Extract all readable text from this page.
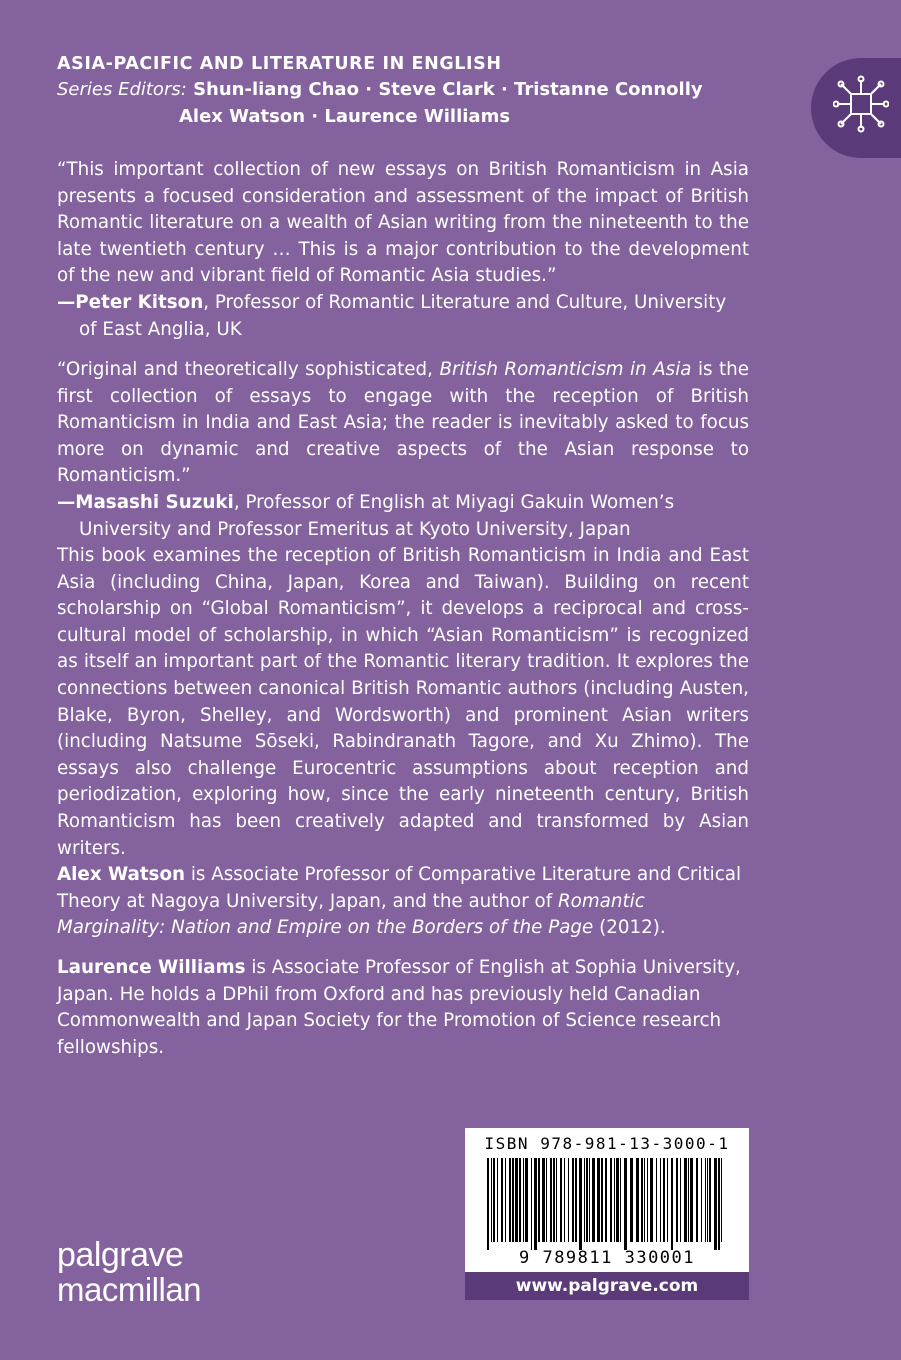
ASIA-PACIFIC AND LITERATURE IN ENGLISH
Series Editors: Shun-liang Chao · Steve Clark · Tristanne Connolly
Alex Watson · Laurence Williams
“This important collection of new essays on British Romanticism in Asia presents a focused consideration and assessment of the impact of British Romantic literature on a wealth of Asian writing from the nineteenth to the late twentieth century … This is a major contribution to the development of the new and vibrant field of Romantic Asia studies.”
—Peter Kitson, Professor of Romantic Literature and Culture, University of East Anglia, UK
“Original and theoretically sophisticated, British Romanticism in Asia is the first collection of essays to engage with the reception of British Romanticism in India and East Asia; the reader is inevitably asked to focus more on dynamic and creative aspects of the Asian response to Romanticism.”
—Masashi Suzuki, Professor of English at Miyagi Gakuin Women’s University and Professor Emeritus at Kyoto University, Japan
This book examines the reception of British Romanticism in India and East Asia (including China, Japan, Korea and Taiwan). Building on recent scholarship on “Global Romanticism”, it develops a reciprocal and cross-cultural model of scholarship, in which “Asian Romanticism” is recognized as itself an important part of the Romantic literary tradition. It explores the connections between canonical British Romantic authors (including Austen, Blake, Byron, Shelley, and Wordsworth) and prominent Asian writers (including Natsume Sōseki, Rabindranath Tagore, and Xu Zhimo). The essays also challenge Eurocentric assumptions about reception and periodization, exploring how, since the early nineteenth century, British Romanticism has been creatively adapted and transformed by Asian writers.
Alex Watson is Associate Professor of Comparative Literature and Critical Theory at Nagoya University, Japan, and the author of Romantic Marginality: Nation and Empire on the Borders of the Page (2012).
Laurence Williams is Associate Professor of English at Sophia University, Japan. He holds a DPhil from Oxford and has previously held Canadian Commonwealth and Japan Society for the Promotion of Science research fellowships.
ISBN 978-981-13-3000-1
9 789811 330001
www.palgrave.com
palgrave
macmillan
